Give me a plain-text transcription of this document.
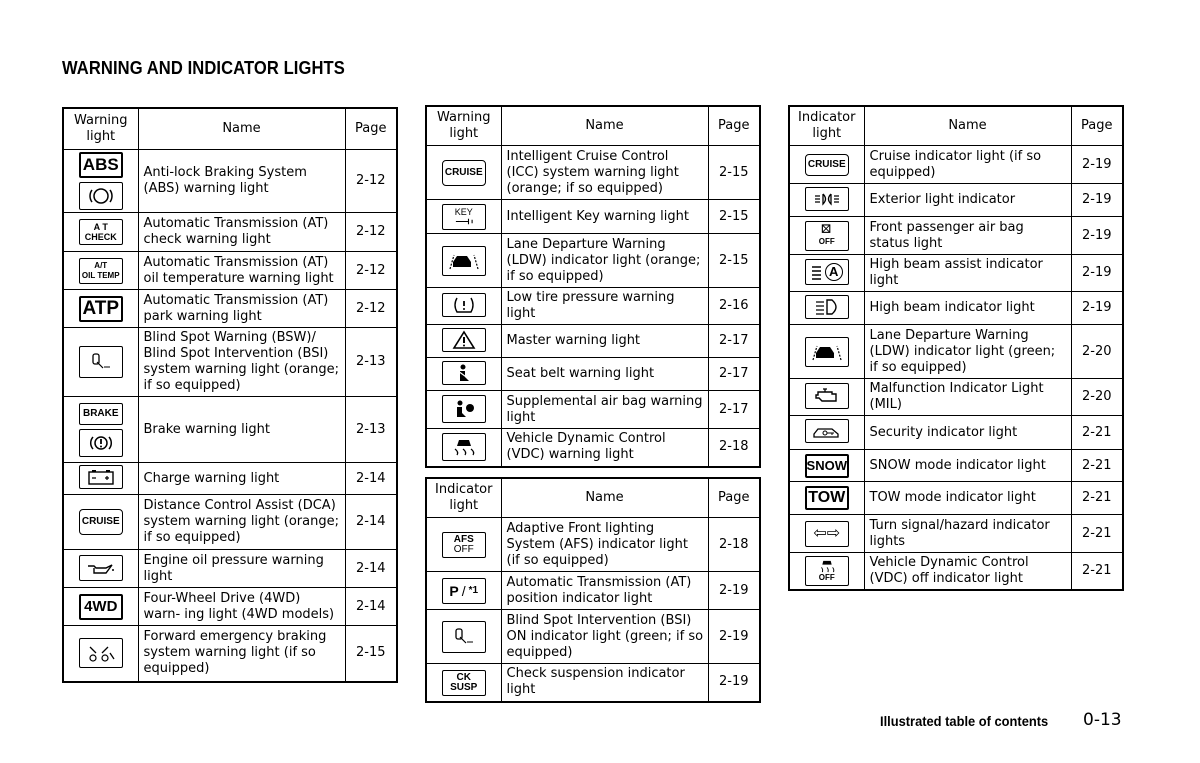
WARNING AND INDICATOR LIGHTS
Warning light	Name	Page

ABS	Anti-lock Braking System (ABS) warning light	2-12

A T
CHECK	Automatic Transmission (AT) check warning light	2-12

A/T
OIL TEMP	Automatic Transmission (AT) oil temperature warning light	2-12
ATP	Automatic Transmission (AT) park warning light	2-12

	Blind Spot Warning (BSW)/ Blind Spot Intervention (BSI) system warning light (orange; if so equipped)	2-13

BRAKE	Brake warning light	2-13

	Charge warning light	2-14
CRUISE	Distance Control Assist (DCA) system warning light (orange; if so equipped)	2-14

	Engine oil pressure warning light	2-14
4WD	Four-Wheel Drive (4WD) warn- ing light (4WD models)	2-14

	Forward emergency braking system warning light (if so equipped)	2-15
Warning light	Name	Page
CRUISE	Intelligent Cruise Control (ICC) system warning light (orange; if so equipped)	2-15

KEY	Intelligent Key warning light	2-15

	Lane Departure Warning (LDW) indicator light (orange; if so equipped)	2-15

	Low tire pressure warning light	2-16

	Master warning light	2-17

	Seat belt warning light	2-17

	Supplemental air bag warning light	2-17

	Vehicle Dynamic Control (VDC) warning light	2-18
Indicator light	Name	Page

AFS
OFF	Adaptive Front lighting System (AFS) indicator light (if so equipped)	2-18

P / *1	Automatic Transmission (AT) position indicator light	2-19

	Blind Spot Intervention (BSI) ON indicator light (green; if so equipped)	2-19

CK
SUSP	Check suspension indicator light	2-19
Indicator light	Name	Page
CRUISE	Cruise indicator light (if so equipped)	2-19

	Exterior light indicator	2-19

OFF	Front passenger air bag status light	2-19

A	High beam assist indicator light	2-19

	High beam indicator light	2-19

	Lane Departure Warning (LDW) indicator light (green; if so equipped)	2-20

	Malfunction Indicator Light (MIL)	2-20

	Security indicator light	2-21
SNOW	SNOW mode indicator light	2-21
TOW	TOW mode indicator light	2-21
⇦⇨	Turn signal/hazard indicator lights	2-21

OFF	Vehicle Dynamic Control (VDC) off indicator light	2-21
Illustrated table of contents 0-13
